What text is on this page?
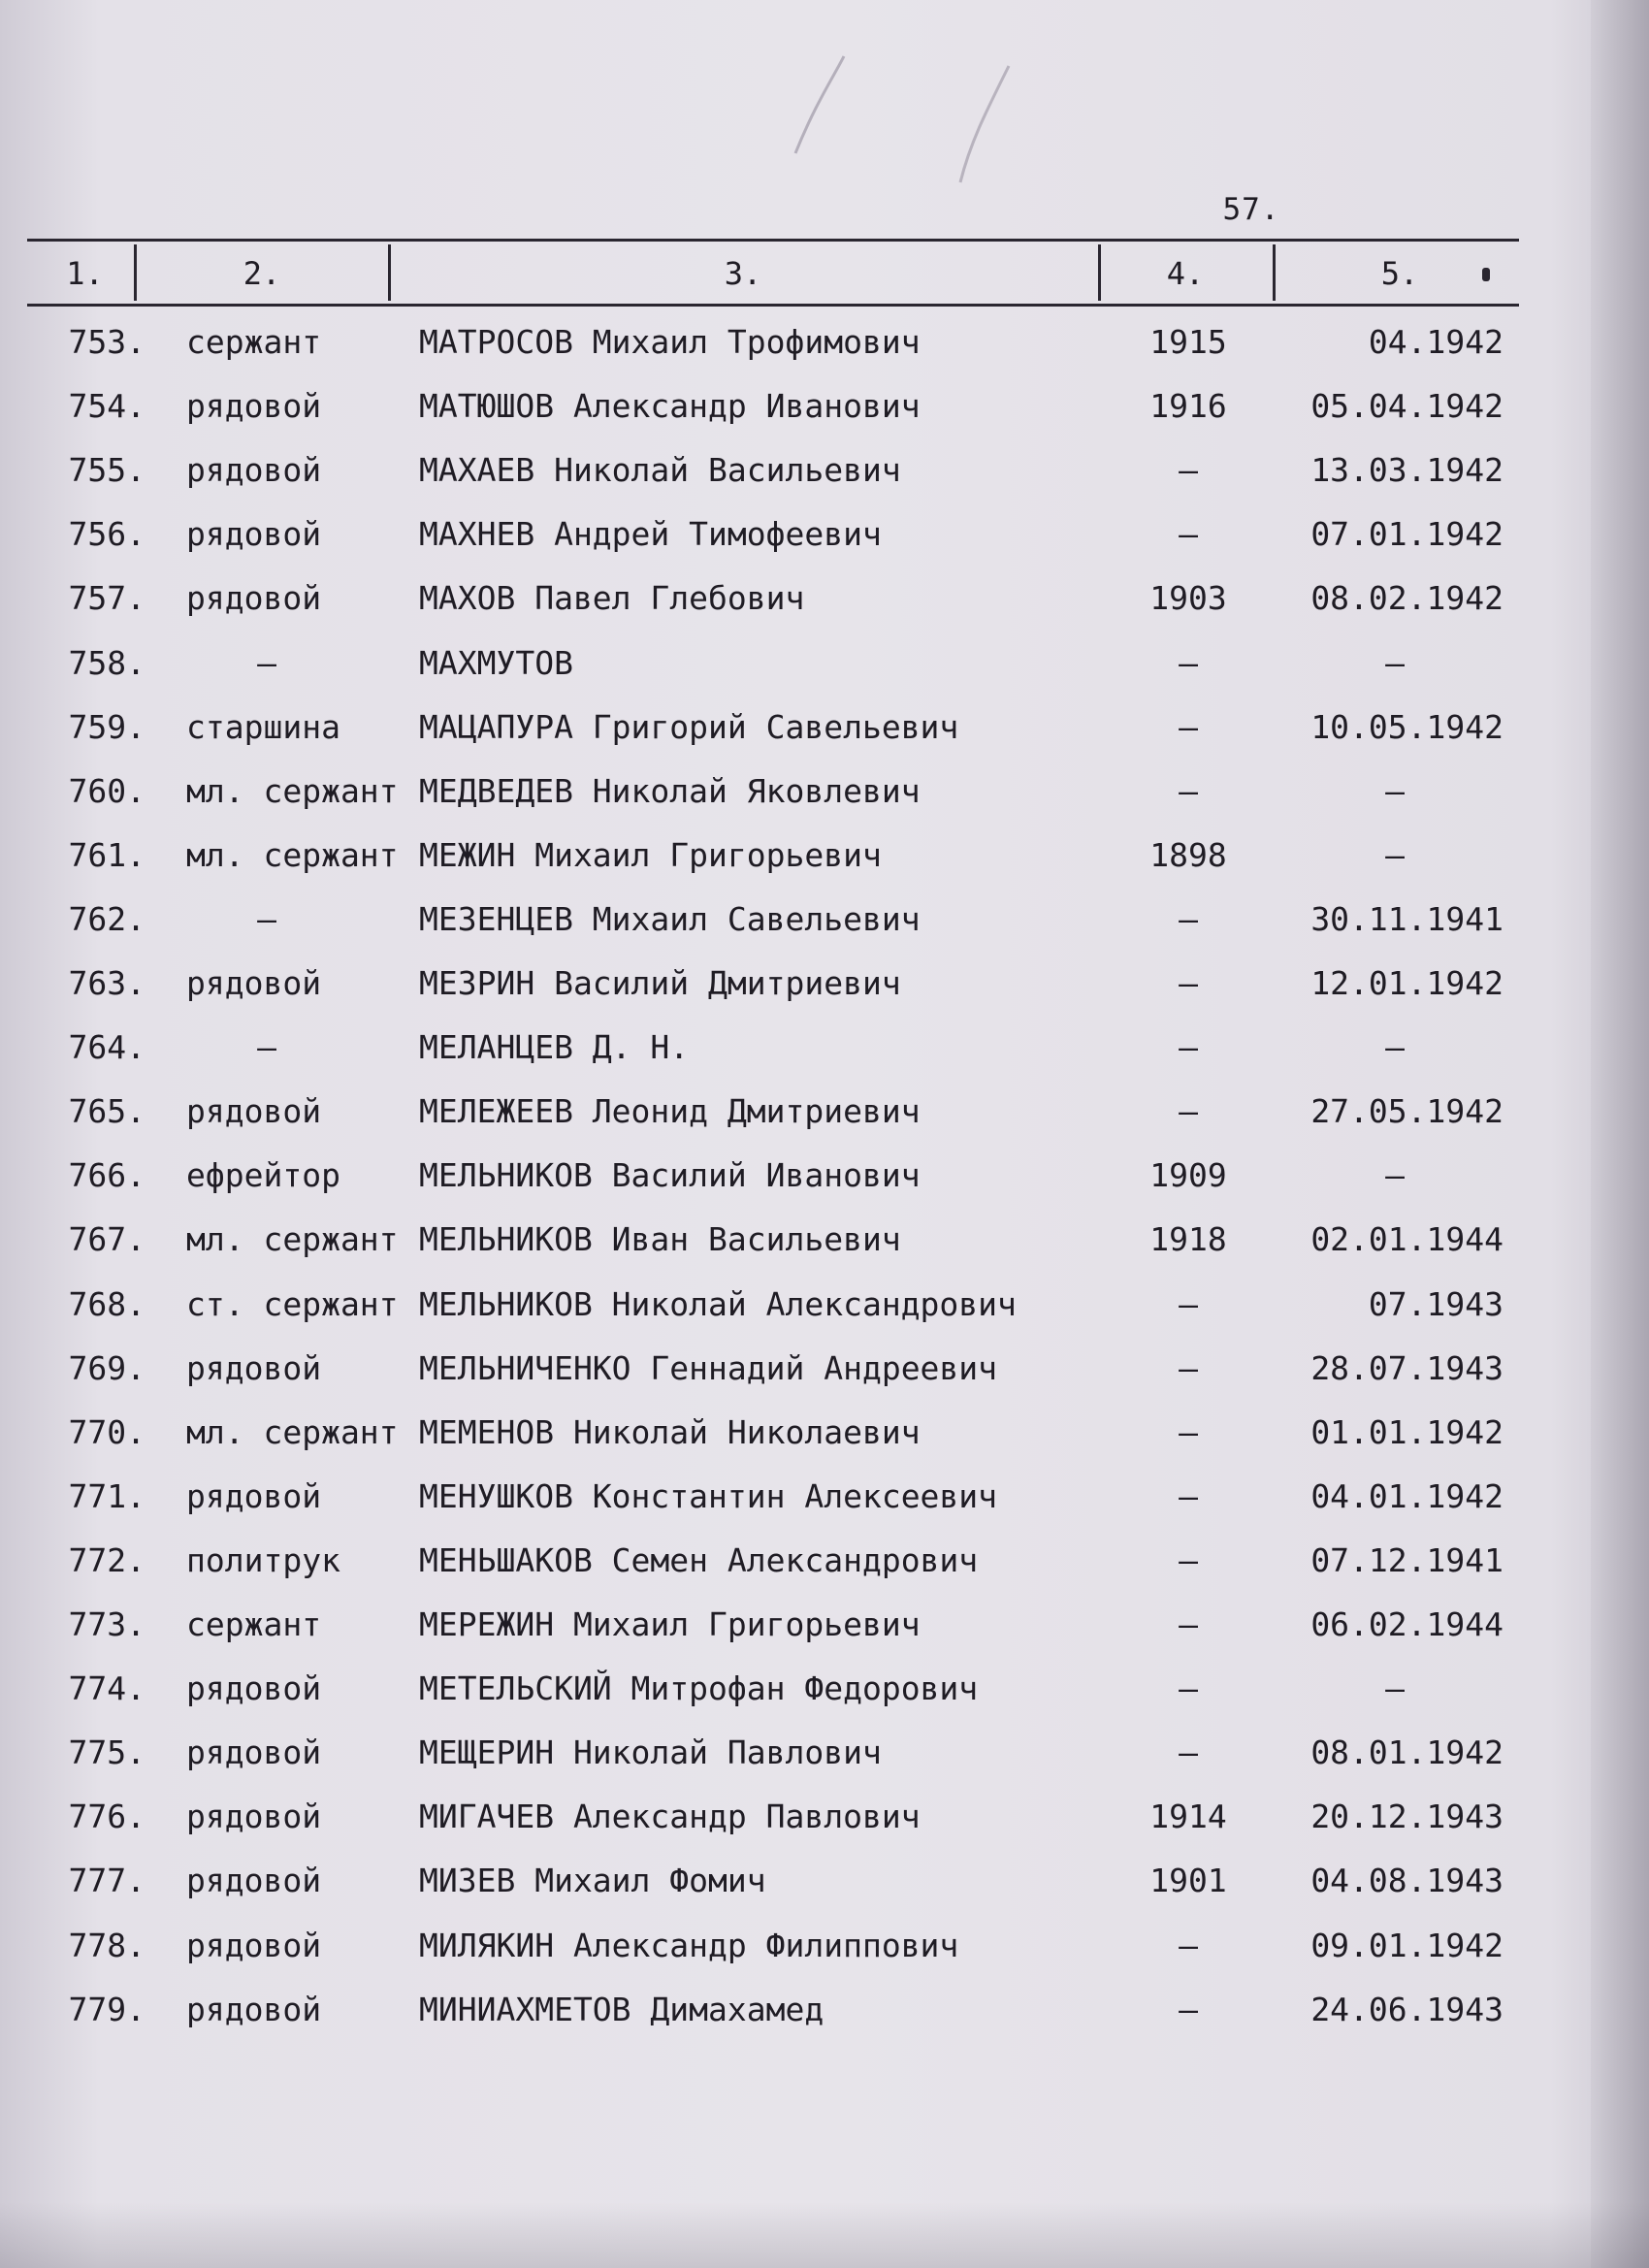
57.
1.	2.	3.	4.	5.
753. сержант	МАТРОСОВ Михаил Трофимович	1915	04.1942
754. рядовой	МАТЮШОВ Александр Иванович	1916	05.04.1942
755. рядовой	МАХАЕВ Николай Васильевич	–	13.03.1942
756. рядовой	МАХНЕВ Андрей Тимофеевич	–	07.01.1942
757. рядовой	МАХОВ Павел Глебович	1903	08.02.1942
758.	–	МАХМУТОВ	–	–
759. старшина	МАЦАПУРА Григорий Савельевич	–	10.05.1942
760. мл. сержант МЕДВЕДЕВ Николай Яковлевич	–	–
761. мл. сержант МЕЖИН Михаил Григорьевич	1898	–
762.	–	МЕЗЕНЦЕВ Михаил Савельевич	–	30.11.1941
763. рядовой	МЕЗРИН Василий Дмитриевич	–	12.01.1942
764.	–	МЕЛАНЦЕВ Д. Н.	–	–
765. рядовой	МЕЛЕЖЕЕВ Леонид Дмитриевич	–	27.05.1942
766. ефрейтор	МЕЛЬНИКОВ Василий Иванович	1909	–
767. мл. сержант МЕЛЬНИКОВ Иван Васильевич	1918	02.01.1944
768. ст. сержант МЕЛЬНИКОВ Николай Александрович	–	07.1943
769. рядовой	МЕЛЬНИЧЕНКО Геннадий Андреевич	–	28.07.1943
770. мл. сержант МЕМЕНОВ Николай Николаевич	–	01.01.1942
771. рядовой	МЕНУШКОВ Константин Алексеевич	–	04.01.1942
772. политрук	МЕНЬШАКОВ Семен Александрович	–	07.12.1941
773. сержант	МЕРЕЖИН Михаил Григорьевич	–	06.02.1944
774. рядовой	МЕТЕЛЬСКИЙ Митрофан Федорович	–	–
775. рядовой	МЕЩЕРИН Николай Павлович	–	08.01.1942
776. рядовой	МИГАЧЕВ Александр Павлович	1914	20.12.1943
777. рядовой	МИЗЕВ Михаил Фомич	1901	04.08.1943
778. рядовой	МИЛЯКИН Александр Филиппович	–	09.01.1942
779. рядовой	МИНИАХМЕТОВ Димахамед	–	24.06.1943
